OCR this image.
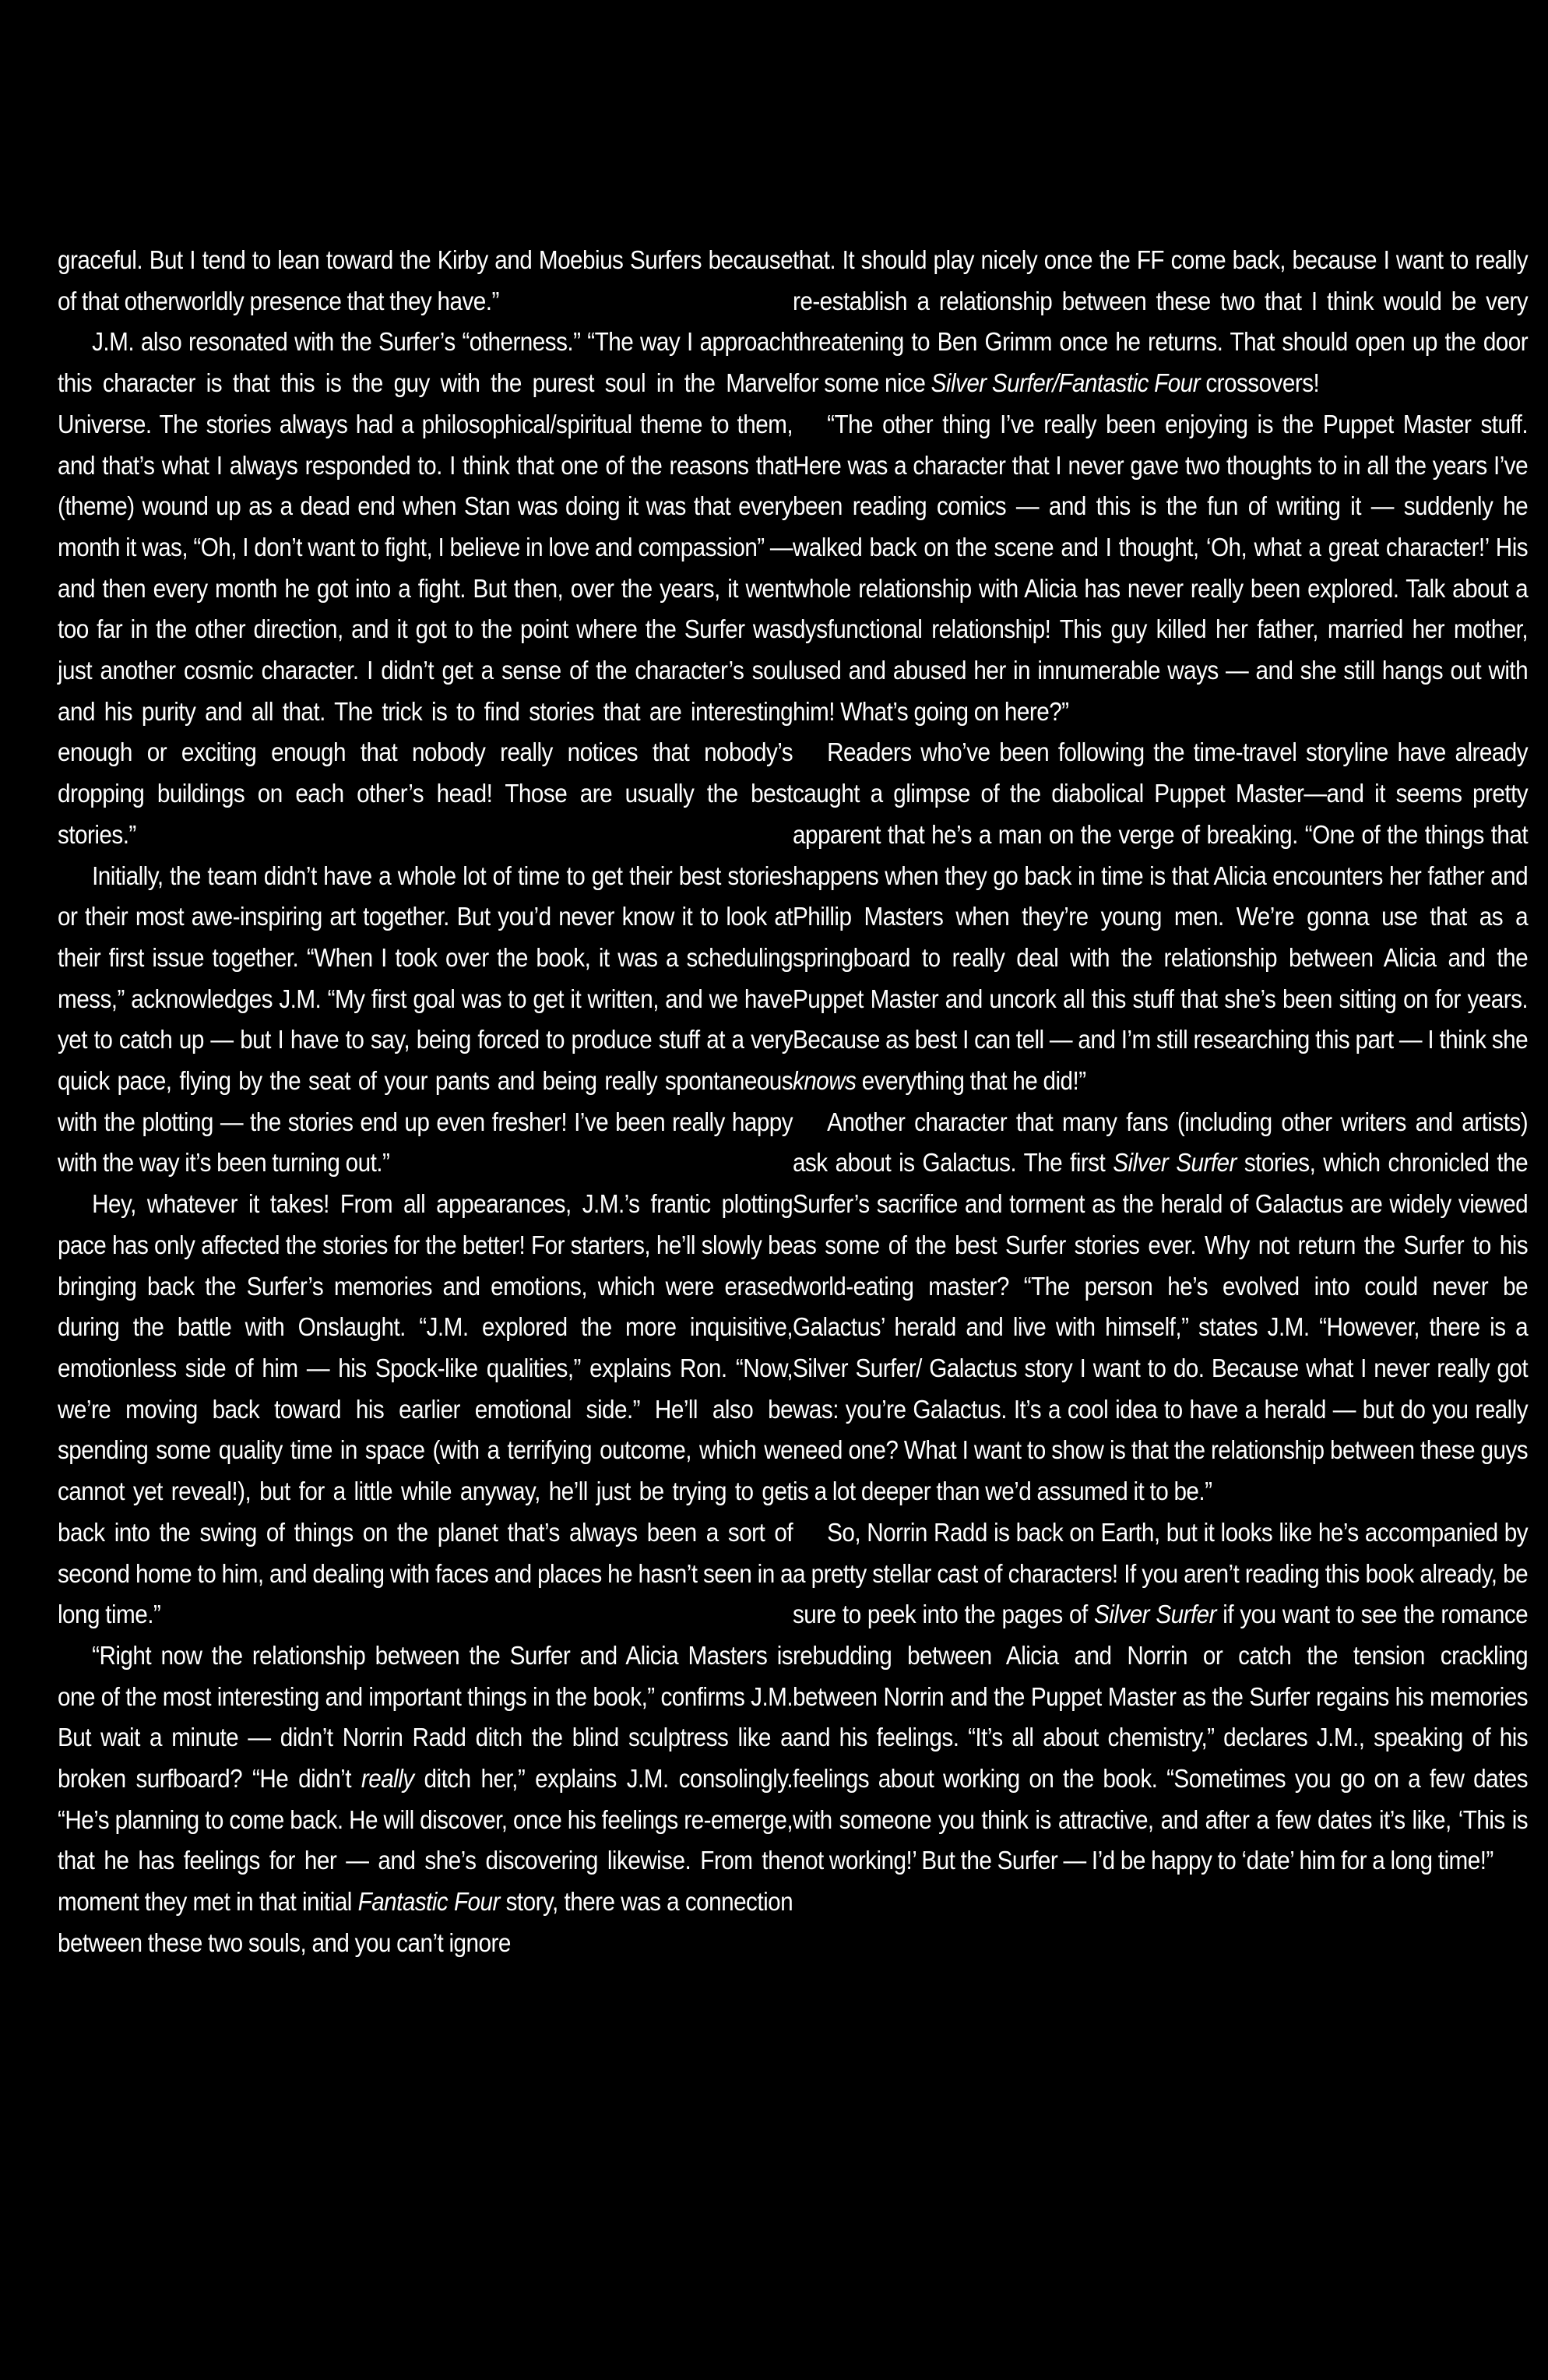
graceful. But I tend to lean toward the Kirby and Moebius Surfers because of that otherworldly presence that they have.”

J.M. also resonated with the Surfer’s “otherness.” “The way I approach this character is that this is the guy with the purest soul in the Marvel Universe. The stories always had a philosophical/spiritual theme to them, and that’s what I always responded to. I think that one of the reasons that (theme) wound up as a dead end when Stan was doing it was that every month it was, “Oh, I don’t want to fight, I believe in love and compassion” — and then every month he got into a fight. But then, over the years, it went too far in the other direction, and it got to the point where the Surfer was just another cosmic character. I didn’t get a sense of the character’s soul and his purity and all that. The trick is to find stories that are interesting enough or exciting enough that nobody really notices that nobody’s dropping buildings on each other’s head! Those are usually the best stories.”

Initially, the team didn’t have a whole lot of time to get their best stories or their most awe-inspiring art together. But you’d never know it to look at their first issue together. “When I took over the book, it was a scheduling mess,” acknowledges J.M. “My first goal was to get it written, and we have yet to catch up — but I have to say, being forced to produce stuff at a very quick pace, flying by the seat of your pants and being really spontaneous with the plotting — the stories end up even fresher! I’ve been really happy with the way it’s been turning out.”

Hey, whatever it takes! From all appearances, J.M.’s frantic plotting pace has only affected the stories for the better! For starters, he’ll slowly be bringing back the Surfer’s memories and emotions, which were erased during the battle with Onslaught. “J.M. explored the more inquisitive, emotionless side of him — his Spock-like qualities,” explains Ron. “Now, we’re moving back toward his earlier emotional side.” He’ll also be spending some quality time in space (with a terrifying outcome, which we cannot yet reveal!), but for a little while anyway, he’ll just be trying to get back into the swing of things on the planet that’s always been a sort of second home to him, and dealing with faces and places he hasn’t seen in a long time.”

“Right now the relationship between the Surfer and Alicia Masters is one of the most interesting and important things in the book,” confirms J.M. But wait a minute — didn’t Norrin Radd ditch the blind sculptress like a broken surfboard? “He didn’t really ditch her,” explains J.M. consolingly. “He’s planning to come back. He will discover, once his feelings re-emerge, that he has feelings for her — and she’s discovering likewise. From the moment they met in that initial Fantastic Four story, there was a connection between these two souls, and you can’t ignore

that. It should play nicely once the FF come back, because I want to really re-establish a relationship between these two that I think would be very threatening to Ben Grimm once he returns. That should open up the door for some nice Silver Surfer/Fantastic Four crossovers!

“The other thing I’ve really been enjoying is the Puppet Master stuff. Here was a character that I never gave two thoughts to in all the years I’ve been reading comics — and this is the fun of writing it — suddenly he walked back on the scene and I thought, ‘Oh, what a great character!’ His whole relationship with Alicia has never really been explored. Talk about a dysfunctional relationship! This guy killed her father, married her mother, used and abused her in innumerable ways — and she still hangs out with him! What’s going on here?”

Readers who’ve been following the time-travel storyline have already caught a glimpse of the diabolical Puppet Master—and it seems pretty apparent that he’s a man on the verge of breaking. “One of the things that happens when they go back in time is that Alicia encounters her father and Phillip Masters when they’re young men. We’re gonna use that as a springboard to really deal with the relationship between Alicia and the Puppet Master and uncork all this stuff that she’s been sitting on for years. Because as best I can tell — and I’m still researching this part — I think she knows everything that he did!”

Another character that many fans (including other writers and artists) ask about is Galactus. The first Silver Surfer stories, which chronicled the Surfer’s sacrifice and torment as the herald of Galactus are widely viewed as some of the best Surfer stories ever. Why not return the Surfer to his world-eating master? “The person he’s evolved into could never be Galactus’ herald and live with himself,” states J.M. “However, there is a Silver Surfer/ Galactus story I want to do. Because what I never really got was: you’re Galactus. It’s a cool idea to have a herald — but do you really need one? What I want to show is that the relationship between these guys is a lot deeper than we’d assumed it to be.”

So, Norrin Radd is back on Earth, but it looks like he’s accompanied by a pretty stellar cast of characters! If you aren’t reading this book already, be sure to peek into the pages of Silver Surfer if you want to see the romance rebudding between Alicia and Norrin or catch the tension crackling between Norrin and the Puppet Master as the Surfer regains his memories and his feelings. “It’s all about chemistry,” declares J.M., speaking of his feelings about working on the book. “Sometimes you go on a few dates with someone you think is attractive, and after a few dates it’s like, ‘This is not working!’ But the Surfer — I’d be happy to ‘date’ him for a long time!”
